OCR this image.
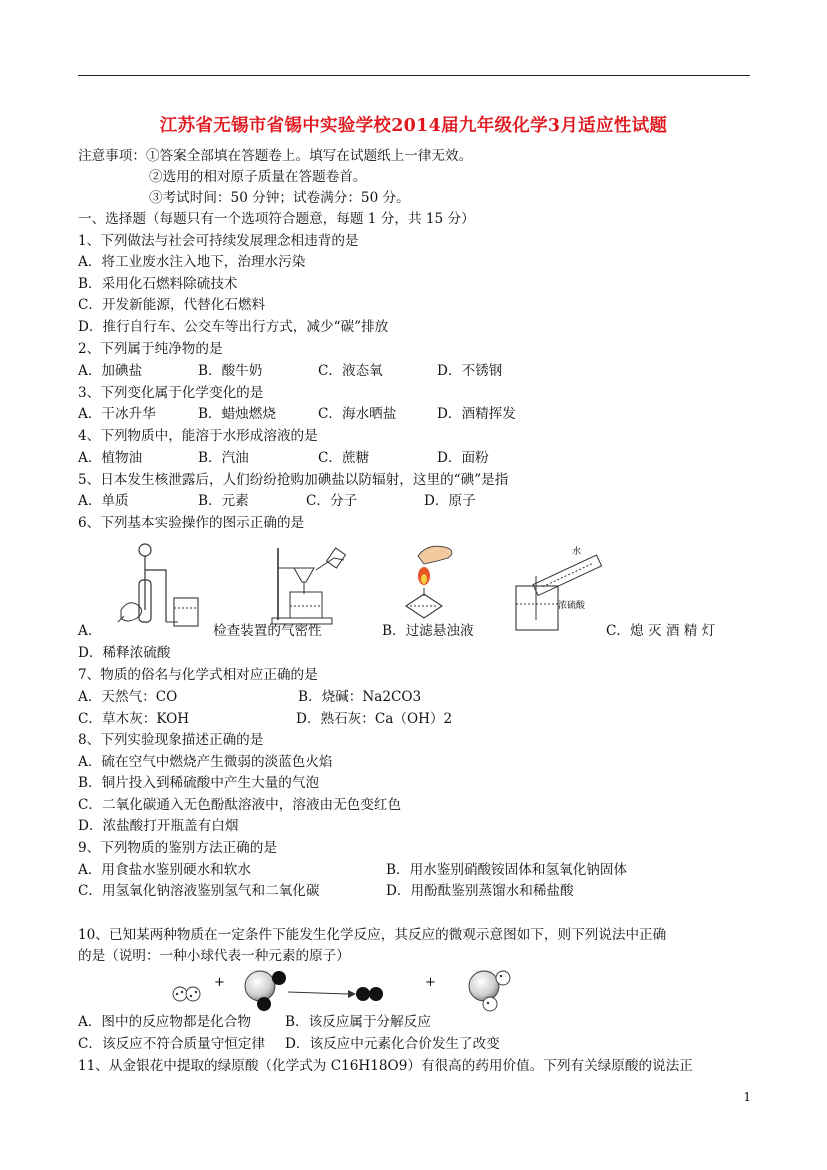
江苏省无锡市省锡中实验学校2014届九年级化学3月适应性试题
注意事项：①答案全部填在答题卷上。填写在试题纸上一律无效。
②选用的相对原子质量在答题卷首。
③考试时间：50 分钟；试卷满分：50 分。
一、选择题（每题只有一个选项符合题意，每题 1 分，共 15 分）
1、下列做法与社会可持续发展理念相违背的是
A．将工业废水注入地下，治理水污染
B．采用化石燃料除硫技术
C．开发新能源，代替化石燃料
D．推行自行车、公交车等出行方式，减少“碳”排放
2、下列属于纯净物的是
A．加碘盐	B．酸牛奶	C．液态氧	D．不锈钢
3、下列变化属于化学变化的是
A．干冰升华	B．蜡烛燃烧	C．海水晒盐	D．酒精挥发
4、下列物质中，能溶于水形成溶液的是
A．植物油	B．汽油	C．蔗糖	D．面粉
5、日本发生核泄露后，人们纷纷抢购加碘盐以防辐射，这里的“碘”是指
A．单质	B．元素	C．分子	D．原子
6、下列基本实验操作的图示正确的是
水
浓硫酸
A．	检查装置的气密性	B．过滤悬浊液	C．熄 灭 酒 精 灯
D．稀释浓硫酸
7、物质的俗名与化学式相对应正确的是
A．天然气：CO	B．烧碱：Na2CO3
C．草木灰：KOH	D．熟石灰：Ca（OH）2
8、下列实验现象描述正确的是
A．硫在空气中燃烧产生微弱的淡蓝色火焰
B．铜片投入到稀硫酸中产生大量的气泡
C．二氧化碳通入无色酚酞溶液中，溶液由无色变红色
D．浓盐酸打开瓶盖有白烟
9、下列物质的鉴别方法正确的是
A．用食盐水鉴别硬水和软水	B．用水鉴别硝酸铵固体和氢氧化钠固体
C．用氢氧化钠溶液鉴别氢气和二氧化碳	D．用酚酞鉴别蒸馏水和稀盐酸
10、已知某两种物质在一定条件下能发生化学反应，其反应的微观示意图如下，则下列说法中正确
的是（说明：一种小球代表一种元素的原子）
+	+
A．图中的反应物都是化合物	B．该反应属于分解反应
C．该反应不符合质量守恒定律 D．该反应中元素化合价发生了改变
11、从金银花中提取的绿原酸（化学式为 C16H18O9）有很高的药用价值。下列有关绿原酸的说法正
1
